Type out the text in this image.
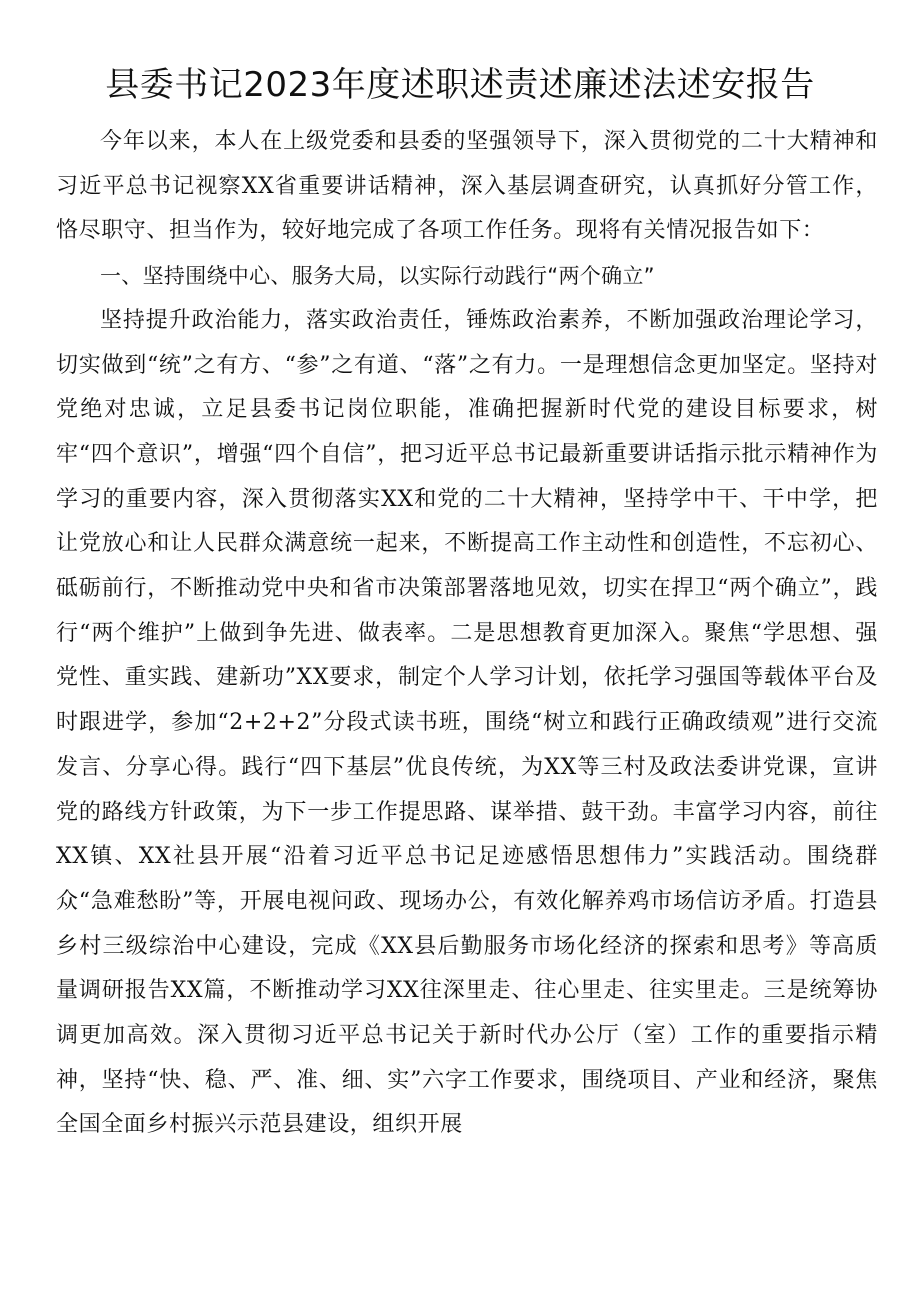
县委书记2023年度述职述责述廉述法述安报告

今年以来，本人在上级党委和县委的坚强领导下，深入贯彻党的二十大精神和习近平总书记视察XX省重要讲话精神，深入基层调查研究，认真抓好分管工作，恪尽职守、担当作为，较好地完成了各项工作任务。现将有关情况报告如下：

一、坚持围绕中心、服务大局，以实际行动践行“两个确立”

坚持提升政治能力，落实政治责任，锤炼政治素养，不断加强政治理论学习，切实做到“统”之有方、“参”之有道、“落”之有力。一是理想信念更加坚定。坚持对党绝对忠诚，立足县委书记岗位职能，准确把握新时代党的建设目标要求，树牢“四个意识”，增强“四个自信”，把习近平总书记最新重要讲话指示批示精神作为学习的重要内容，深入贯彻落实XX和党的二十大精神，坚持学中干、干中学，把让党放心和让人民群众满意统一起来，不断提高工作主动性和创造性，不忘初心、砥砺前行，不断推动党中央和省市决策部署落地见效，切实在捍卫“两个确立”，践行“两个维护”上做到争先进、做表率。二是思想教育更加深入。聚焦“学思想、强党性、重实践、建新功”XX要求，制定个人学习计划，依托学习强国等载体平台及时跟进学，参加“2+2+2”分段式读书班，围绕“树立和践行正确政绩观”进行交流发言、分享心得。践行“四下基层”优良传统，为XX等三村及政法委讲党课，宣讲党的路线方针政策，为下一步工作提思路、谋举措、鼓干劲。丰富学习内容，前往XX镇、XX社县开展“沿着习近平总书记足迹感悟思想伟力”实践活动。围绕群众“急难愁盼”等，开展电视问政、现场办公，有效化解养鸡市场信访矛盾。打造县乡村三级综治中心建设，完成《XX县后勤服务市场化经济的探索和思考》等高质量调研报告XX篇，不断推动学习XX往深里走、往心里走、往实里走。三是统筹协调更加高效。深入贯彻习近平总书记关于新时代办公厅（室）工作的重要指示精神，坚持“快、稳、严、准、细、实”六字工作要求，围绕项目、产业和经济，聚焦全国全面乡村振兴示范县建设，组织开展
